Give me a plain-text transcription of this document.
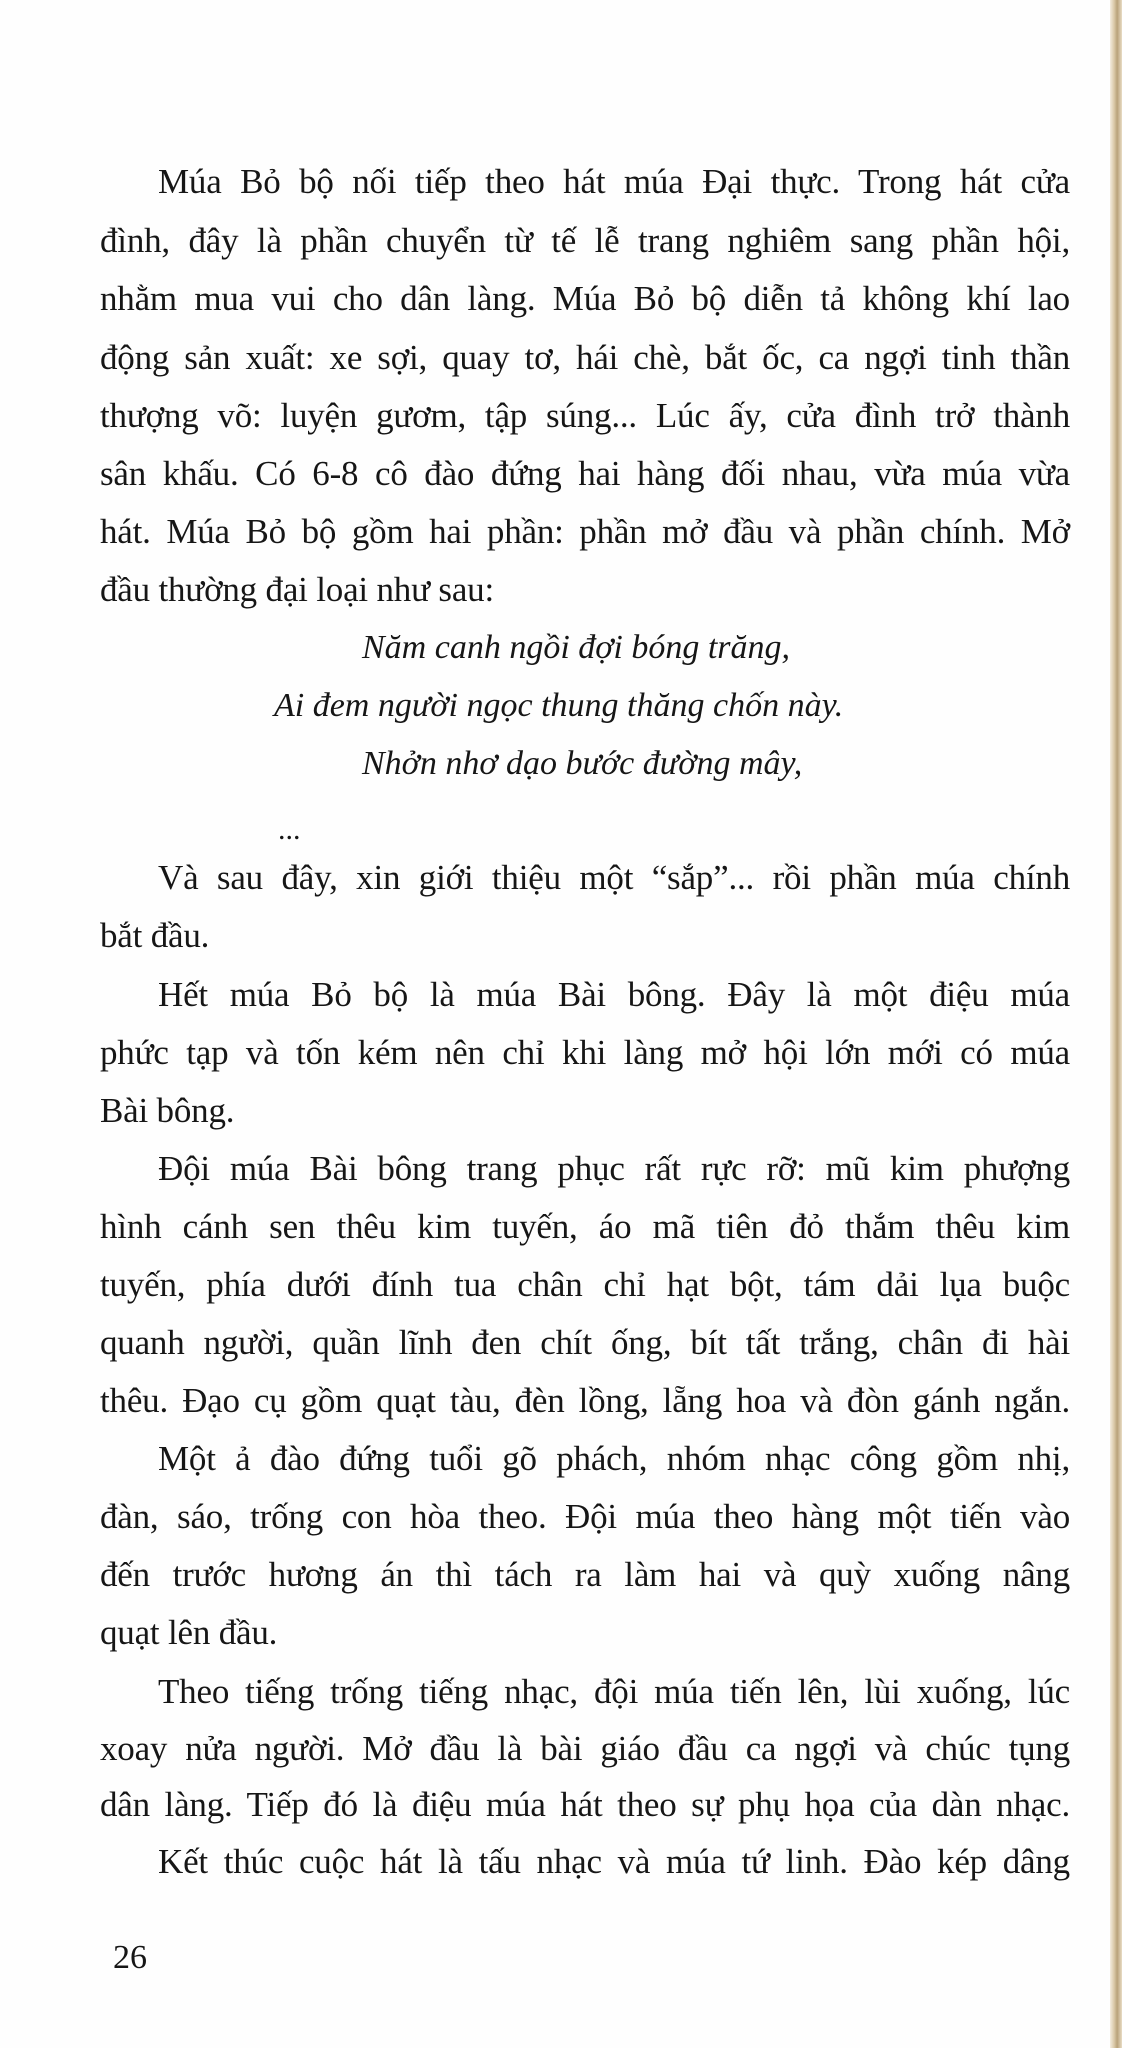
Múa Bỏ bộ nối tiếp theo hát múa Đại thực. Trong hát cửa
đình, đây là phần chuyển từ tế lễ trang nghiêm sang phần hội,
nhằm mua vui cho dân làng. Múa Bỏ bộ diễn tả không khí lao
động sản xuất: xe sợi, quay tơ, hái chè, bắt ốc, ca ngợi tinh thần
thượng võ: luyện gươm, tập súng... Lúc ấy, cửa đình trở thành
sân khấu. Có 6-8 cô đào đứng hai hàng đối nhau, vừa múa vừa
hát. Múa Bỏ bộ gồm hai phần: phần mở đầu và phần chính. Mở
đầu thường đại loại như sau:
Năm canh ngồi đợi bóng trăng,
Ai đem người ngọc thung thăng chốn này.
Nhởn nhơ dạo bước đường mây,
...
Và sau đây, xin giới thiệu một “sắp”... rồi phần múa chính
bắt đầu.
Hết múa Bỏ bộ là múa Bài bông. Đây là một điệu múa
phức tạp và tốn kém nên chỉ khi làng mở hội lớn mới có múa
Bài bông.
Đội múa Bài bông trang phục rất rực rỡ: mũ kim phượng
hình cánh sen thêu kim tuyến, áo mã tiên đỏ thắm thêu kim
tuyến, phía dưới đính tua chân chỉ hạt bột, tám dải lụa buộc
quanh người, quần lĩnh đen chít ống, bít tất trắng, chân đi hài
thêu. Đạo cụ gồm quạt tàu, đèn lồng, lẵng hoa và đòn gánh ngắn.
Một ả đào đứng tuổi gõ phách, nhóm nhạc công gồm nhị,
đàn, sáo, trống con hòa theo. Đội múa theo hàng một tiến vào
đến trước hương án thì tách ra làm hai và quỳ xuống nâng
quạt lên đầu.
Theo tiếng trống tiếng nhạc, đội múa tiến lên, lùi xuống, lúc
xoay nửa người. Mở đầu là bài giáo đầu ca ngợi và chúc tụng
dân làng. Tiếp đó là điệu múa hát theo sự phụ họa của dàn nhạc.
Kết thúc cuộc hát là tấu nhạc và múa tứ linh. Đào kép dâng
26
